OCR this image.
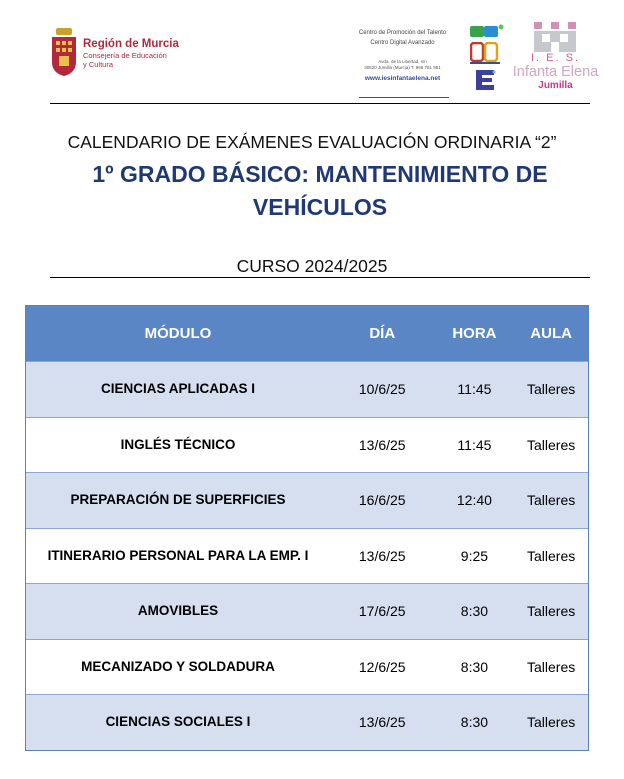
Región de Murcia
Consejería de Educación
y Cultura
Centro de Promoción del Talento
Centro Digital Avanzado
Avda. de la Libertad, s/n
30520 Jumilla (Murcia) T. 968 781 951
www.iesinfantaelena.net
I. E. S.
Infanta Elena
Jumilla
CALENDARIO DE EXÁMENES EVALUACIÓN ORDINARIA “2”
1º GRADO BÁSICO: MANTENIMIENTO DE VEHÍCULOS
CURSO 2024/2025
MÓDULO	DÍA	HORA	AULA
CIENCIAS APLICADAS I	10/6/25	11:45	Talleres
INGLÉS TÉCNICO	13/6/25	11:45	Talleres
PREPARACIÓN DE SUPERFICIES	16/6/25	12:40	Talleres
ITINERARIO PERSONAL PARA LA EMP. I	13/6/25	9:25	Talleres
AMOVIBLES	17/6/25	8:30	Talleres
MECANIZADO Y SOLDADURA	12/6/25	8:30	Talleres
CIENCIAS SOCIALES I	13/6/25	8:30	Talleres
